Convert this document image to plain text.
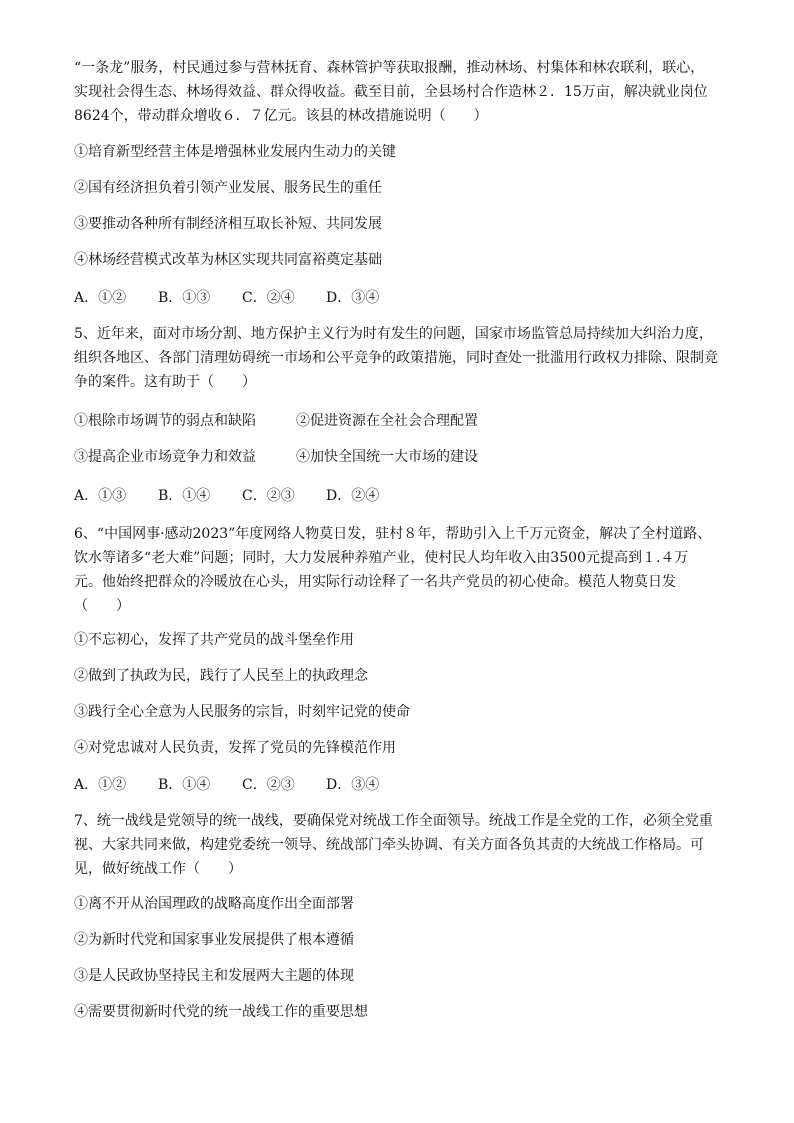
“一条龙”服务，村民通过参与营林抚育、森林管护等获取报酬，推动林场、村集体和林农联利，联心，
实现社会得生态、林场得效益、群众得收益。截至目前，全县场村合作造林２．15万亩，解决就业岗位
8624个，带动群众增收６．７亿元。该县的林改措施说明（　　）
①培育新型经营主体是增强林业发展内生动力的关键
②国有经济担负着引领产业发展、服务民生的重任
③要推动各种所有制经济相互取长补短、共同发展
④林场经营模式改革为林区实现共同富裕奠定基础
A．①② B．①③ C．②④ D．③④
5、近年来，面对市场分割、地方保护主义行为时有发生的问题，国家市场监管总局持续加大纠治力度，
组织各地区、各部门清理妨碍统一市场和公平竞争的政策措施，同时查处一批滥用行政权力排除、限制竞
争的案件。这有助于（　　）
①根除市场调节的弱点和缺陷	②促进资源在全社会合理配置
③提高企业市场竞争力和效益	④加快全国统一大市场的建设
A．①③ B．①④ C．②③ D．②④
6、“中国网事·感动2023”年度网络人物莫日发，驻村８年，帮助引入上千万元资金，解决了全村道路、
饮水等诸多“老大难”问题；同时，大力发展种养殖产业，使村民人均年收入由3500元提高到１.４万
元。他始终把群众的冷暖放在心头，用实际行动诠释了一名共产党员的初心使命。模范人物莫日发
（　　）
①不忘初心，发挥了共产党员的战斗堡垒作用
②做到了执政为民，践行了人民至上的执政理念
③践行全心全意为人民服务的宗旨，时刻牢记党的使命
④对党忠诚对人民负责，发挥了党员的先锋模范作用
A．①② B．①④ C．②③ D．③④
7、统一战线是党领导的统一战线，要确保党对统战工作全面领导。统战工作是全党的工作，必须全党重
视、大家共同来做，构建党委统一领导、统战部门牵头协调、有关方面各负其责的大统战工作格局。可
见，做好统战工作（　　）
①离不开从治国理政的战略高度作出全面部署
②为新时代党和国家事业发展提供了根本遵循
③是人民政协坚持民主和发展两大主题的体现
④需要贯彻新时代党的统一战线工作的重要思想
